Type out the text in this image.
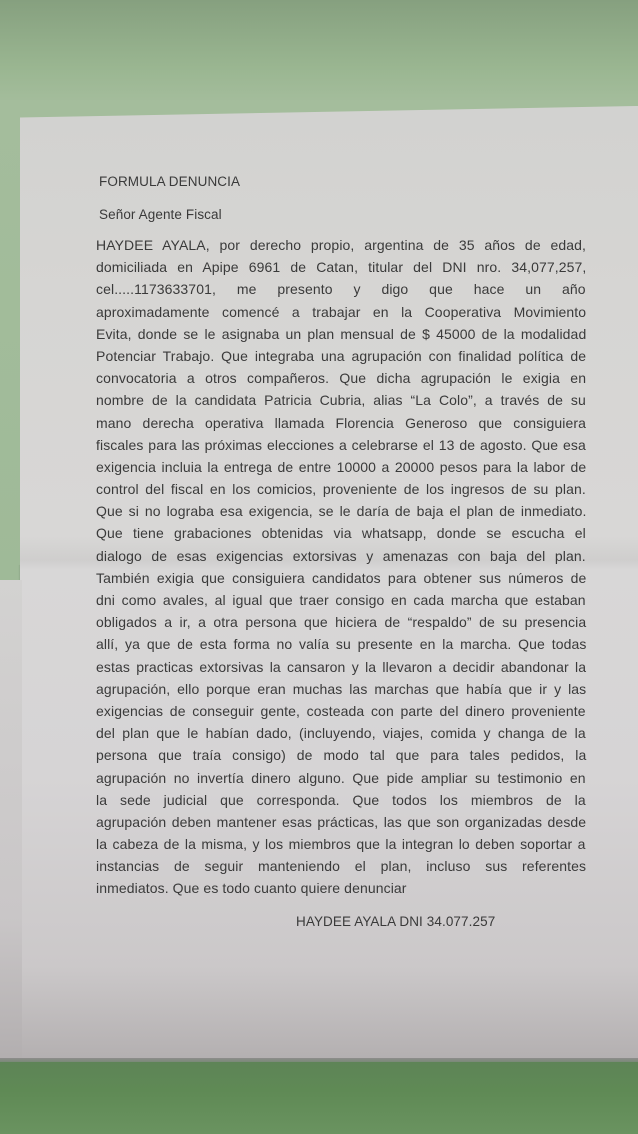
FORMULA DENUNCIA
Señor Agente Fiscal
HAYDEE AYALA, por derecho propio, argentina de 35 años de edad,
domiciliada en Apipe 6961 de Catan, titular del DNI nro. 34,077,257,
cel.....1173633701, me presento y digo que hace un año
aproximadamente comencé a trabajar en la Cooperativa Movimiento
Evita, donde se le asignaba un plan mensual de $ 45000 de la modalidad
Potenciar Trabajo. Que integraba una agrupación con finalidad política de
convocatoria a otros compañeros. Que dicha agrupación le exigia en
nombre de la candidata Patricia Cubria, alias “La Colo”, a través de su
mano derecha operativa llamada Florencia Generoso que consiguiera
fiscales para las próximas elecciones a celebrarse el 13 de agosto. Que esa
exigencia incluia la entrega de entre 10000 a 20000 pesos para la labor de
control del fiscal en los comicios, proveniente de los ingresos de su plan.
Que si no lograba esa exigencia, se le daría de baja el plan de inmediato.
Que tiene grabaciones obtenidas via whatsapp, donde se escucha el
dialogo de esas exigencias extorsivas y amenazas con baja del plan.
También exigia que consiguiera candidatos para obtener sus números de
dni como avales, al igual que traer consigo en cada marcha que estaban
obligados a ir, a otra persona que hiciera de “respaldo” de su presencia
allí, ya que de esta forma no valía su presente en la marcha. Que todas
estas practicas extorsivas la cansaron y la llevaron a decidir abandonar la
agrupación, ello porque eran muchas las marchas que había que ir y las
exigencias de conseguir gente, costeada con parte del dinero proveniente
del plan que le habían dado, (incluyendo, viajes, comida y changa de la
persona que traía consigo) de modo tal que para tales pedidos, la
agrupación no invertía dinero alguno. Que pide ampliar su testimonio en
la sede judicial que corresponda. Que todos los miembros de la
agrupación deben mantener esas prácticas, las que son organizadas desde
la cabeza de la misma, y los miembros que la integran lo deben soportar a
instancias de seguir manteniendo el plan, incluso sus referentes
inmediatos. Que es todo cuanto quiere denunciar
HAYDEE AYALA DNI 34.077.257
